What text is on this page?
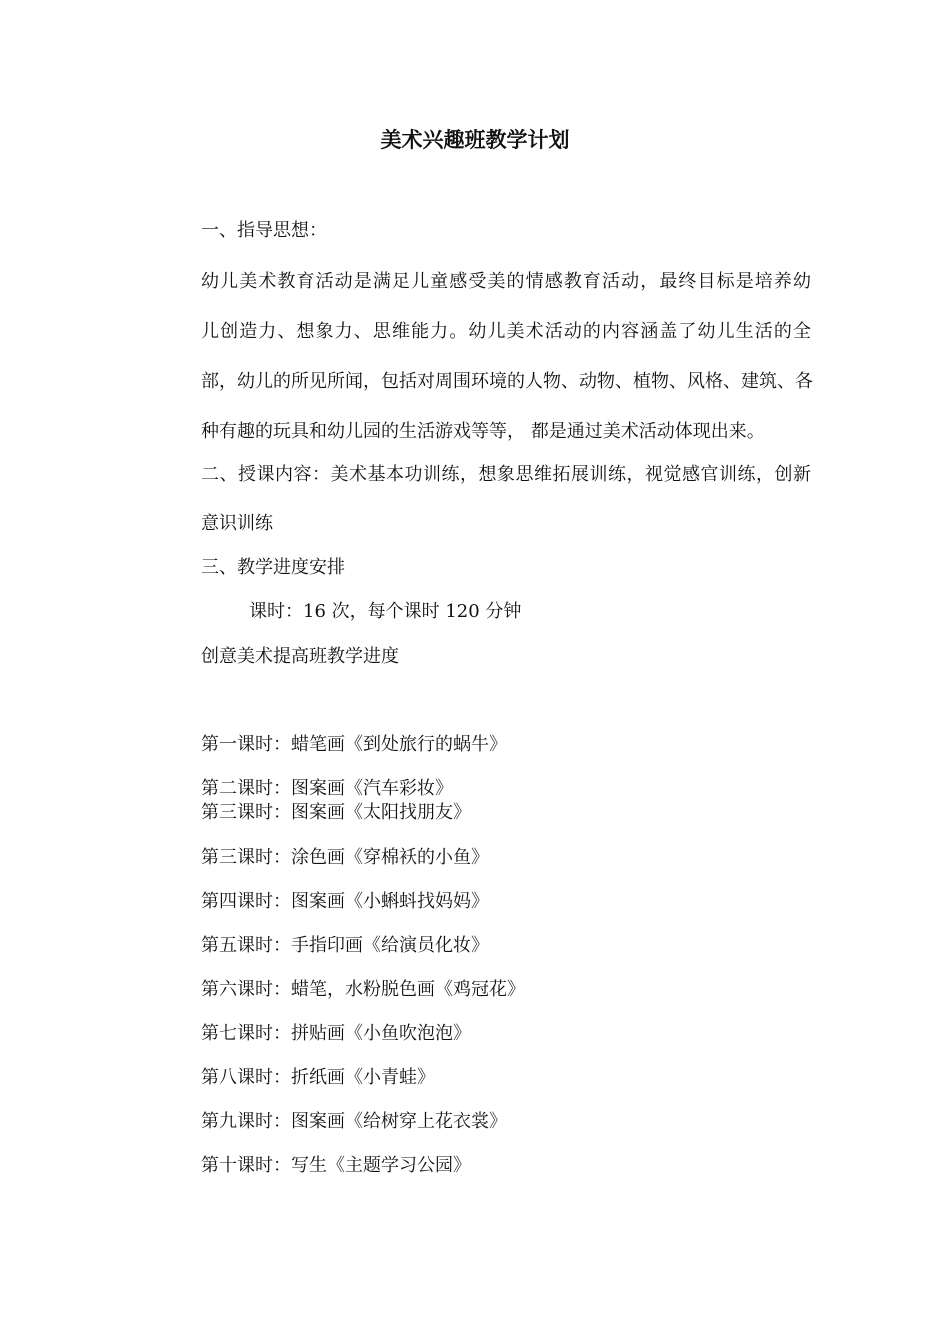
美术兴趣班教学计划
一、指导思想：
幼儿美术教育活动是满足儿童感受美的情感教育活动，最终目标是培养幼
儿创造力、想象力、思维能力。幼儿美术活动的内容涵盖了幼儿生活的全
部，幼儿的所见所闻，包括对周围环境的人物、动物、植物、风格、建筑、各
种有趣的玩具和幼儿园的生活游戏等等， 都是通过美术活动体现出来。
二、授课内容：美术基本功训练，想象思维拓展训练，视觉感官训练，创新
意识训练
三、教学进度安排
课时：16 次，每个课时 120 分钟
创意美术提高班教学进度
第一课时：蜡笔画《到处旅行的蜗牛》
第二课时：图案画《汽车彩妆》
第三课时：图案画《太阳找朋友》
第三课时：涂色画《穿棉袄的小鱼》
第四课时：图案画《小蝌蚪找妈妈》
第五课时：手指印画《给演员化妆》
第六课时：蜡笔，水粉脱色画《鸡冠花》
第七课时：拼贴画《小鱼吹泡泡》
第八课时：折纸画《小青蛙》
第九课时：图案画《给树穿上花衣裳》
第十课时：写生《主题学习公园》
